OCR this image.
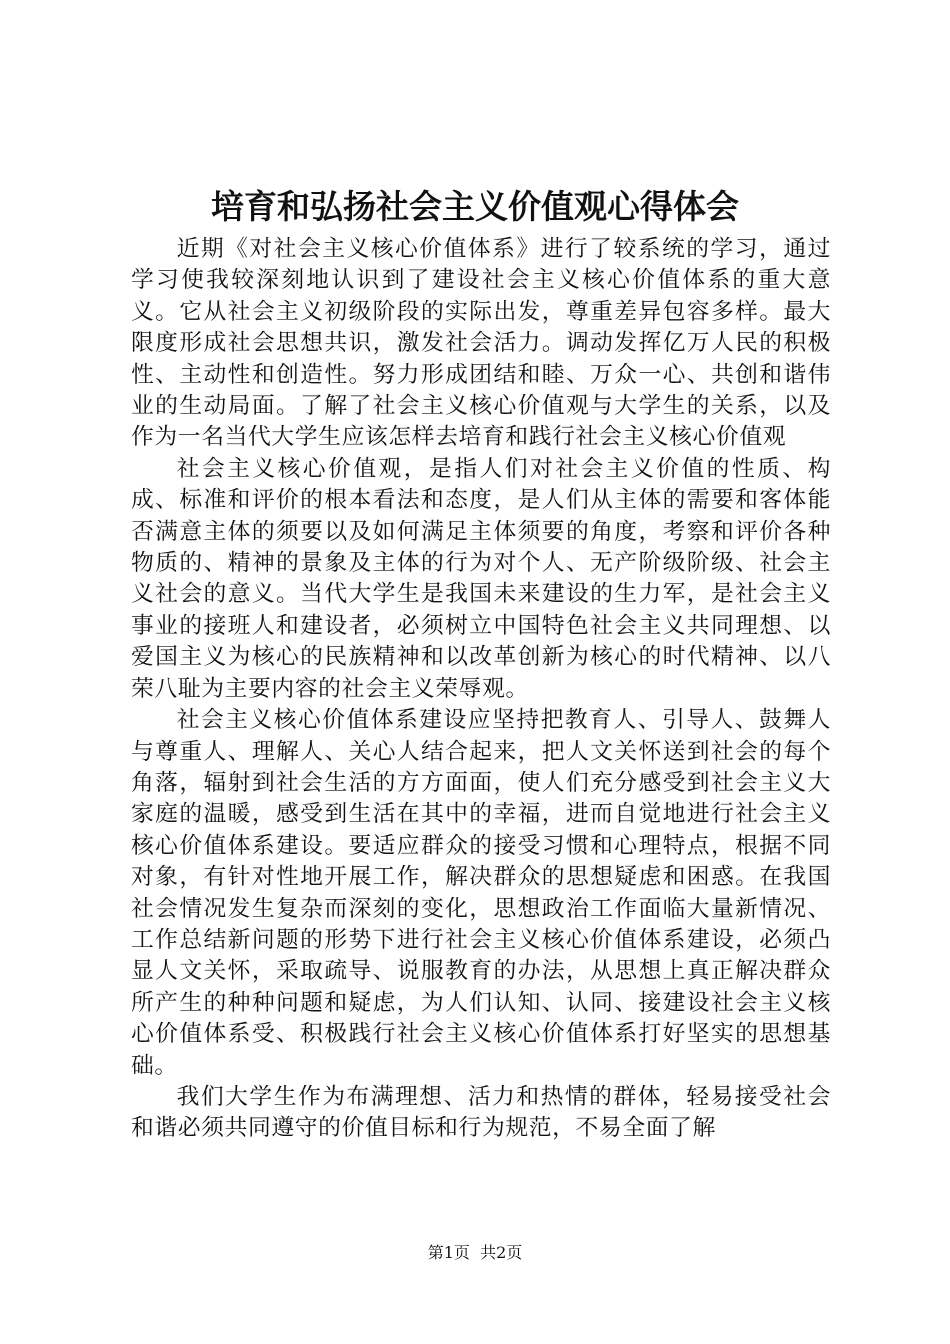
培育和弘扬社会主义价值观心得体会

近期《对社会主义核心价值体系》进行了较系统的学习，通过学习使我较深刻地认识到了建设社会主义核心价值体系的重大意义。它从社会主义初级阶段的实际出发，尊重差异包容多样。最大限度形成社会思想共识，激发社会活力。调动发挥亿万人民的积极性、主动性和创造性。努力形成团结和睦、万众一心、共创和谐伟业的生动局面。了解了社会主义核心价值观与大学生的关系，以及作为一名当代大学生应该怎样去培育和践行社会主义核心价值观

社会主义核心价值观，是指人们对社会主义价值的性质、构成、标准和评价的根本看法和态度，是人们从主体的需要和客体能否满意主体的须要以及如何满足主体须要的角度，考察和评价各种物质的、精神的景象及主体的行为对个人、无产阶级阶级、社会主义社会的意义。当代大学生是我国未来建设的生力军，是社会主义事业的接班人和建设者，必须树立中国特色社会主义共同理想、以爱国主义为核心的民族精神和以改革创新为核心的时代精神、以八荣八耻为主要内容的社会主义荣辱观。

社会主义核心价值体系建设应坚持把教育人、引导人、鼓舞人与尊重人、理解人、关心人结合起来，把人文关怀送到社会的每个角落，辐射到社会生活的方方面面，使人们充分感受到社会主义大家庭的温暖，感受到生活在其中的幸福，进而自觉地进行社会主义核心价值体系建设。要适应群众的接受习惯和心理特点，根据不同对象，有针对性地开展工作，解决群众的思想疑虑和困惑。在我国社会情况发生复杂而深刻的变化，思想政治工作面临大量新情况、工作总结新问题的形势下进行社会主义核心价值体系建设，必须凸显人文关怀，采取疏导、说服教育的办法，从思想上真正解决群众所产生的种种问题和疑虑，为人们认知、认同、接建设社会主义核心价值体系受、积极践行社会主义核心价值体系打好坚实的思想基础。

我们大学生作为布满理想、活力和热情的群体，轻易接受社会和谐必须共同遵守的价值目标和行为规范，不易全面了解

第1页  共2页
